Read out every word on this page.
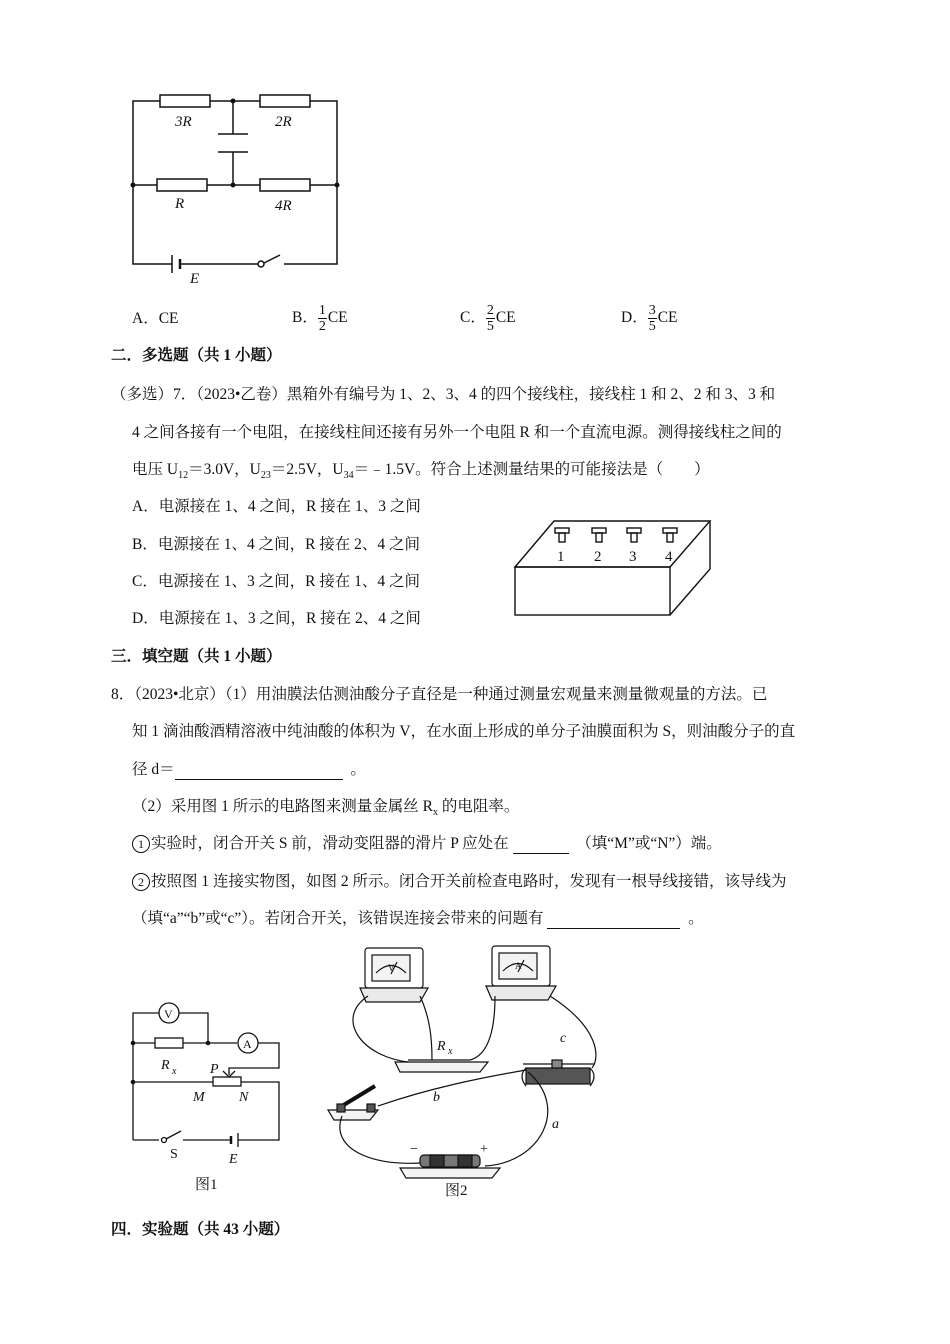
3R	2R
R	4R
E
A．CE	B． $\frac{1}{2}$ CE	C． $\frac{2}{5}$ CE	D． $\frac{3}{5}$ CE
二．多选题（共 1 小题）
（多选）7．（2023•乙卷）黑箱外有编号为 1、2、3、4 的四个接线柱，接线柱 1 和 2、2 和 3、3 和
4 之间各接有一个电阻，在接线柱间还接有另外一个电阻 R 和一个直流电源。测得接线柱之间的
电压 $U_{12}=3.0V$，$U_{23}=2.5V$，$U_{34}=﹣1.5V$。符合上述测量结果的可能接法是（　　）
A．电源接在 1、4 之间，R 接在 1、3 之间
B．电源接在 1、4 之间，R 接在 2、4 之间
C．电源接在 1、3 之间，R 接在 1、4 之间
D．电源接在 1、3 之间，R 接在 2、4 之间
1 2 3 4
三．填空题（共 1 小题）
8．（2023•北京）（1）用油膜法估测油酸分子直径是一种通过测量宏观量来测量微观量的方法。已
知 1 滴油酸酒精溶液中纯油酸的体积为 V，在水面上形成的单分子油膜面积为 S，则油酸分子的直
径 d＝	。
（2）采用图 1 所示的电路图来测量金属丝 $R_x$ 的电阻率。
1 实验时，闭合开关 S 前，滑动变阻器的滑片 P 应处在	（填“M”或“N”）端。
2 按照图 1 连接实物图，如图 2 所示。闭合开关前检查电路时，发现有一根导线接错，该导线为
（填“a”“b”或“c”）。若闭合开关，该错误连接会带来的问题有	。
V
A
R x P
M N
S	E
图1
V	A
R x
c
b
a
−	+
图2
四．实验题（共 43 小题）
